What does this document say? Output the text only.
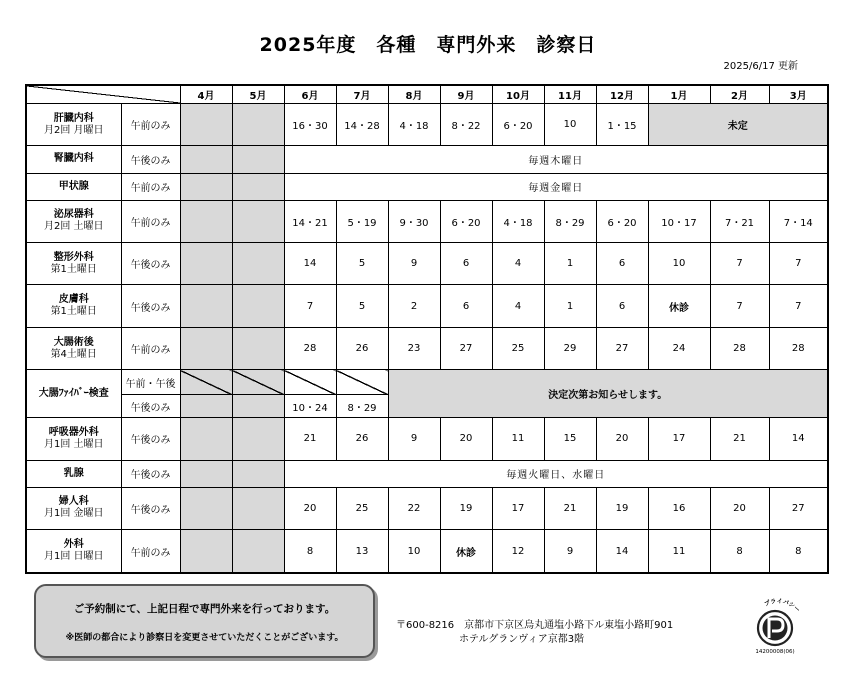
2025年度　各種　専門外来　診察日
2025/6/17 更新
		4月	5月	6月	7月	8月	9月	10月	11月	12月	1月	2月	3月
肝臓内科
月2回 月曜日	午前のみ			16・30	14・28	4・18	8・22	6・20	10	1・15	未定		
腎臓内科	午後のみ			毎週木曜日									
甲状腺	午前のみ			毎週金曜日									
泌尿器科
月2回 土曜日	午前のみ			14・21	5・19	9・30	6・20	4・18	8・29	6・20	10・17	7・21	7・14
整形外科
第1土曜日	午後のみ			14	5	9	6	4	1	6	10	7	7
皮膚科
第1土曜日	午後のみ			7	5	2	6	4	1	6	休診	7	7
大腸術後
第4土曜日	午前のみ			28	26	23	27	25	29	27	24	28	28
大腸ﾌｧｲﾊﾞｰ検査	午前・午後					決定次第お知らせします。							
	午後のみ			10・24	8・29								
呼吸器外科
月1回 土曜日	午後のみ			21	26	9	20	11	15	20	17	21	14
乳腺	午後のみ			毎週火曜日、水曜日									
婦人科
月1回 金曜日	午後のみ			20	25	22	19	17	21	19	16	20	27
外科
月1回 日曜日	午前のみ			8	13	10	休診	12	9	14	11	8	8
ご予約制にて、上記日程で専門外来を行っております。
※医師の都合により診察日を変更させていただくことがございます。
〒600-8216　京都市下京区烏丸通塩小路下ル東塩小路町901
ホテルグランヴィア京都3階
プライバシー
14200008(06)
